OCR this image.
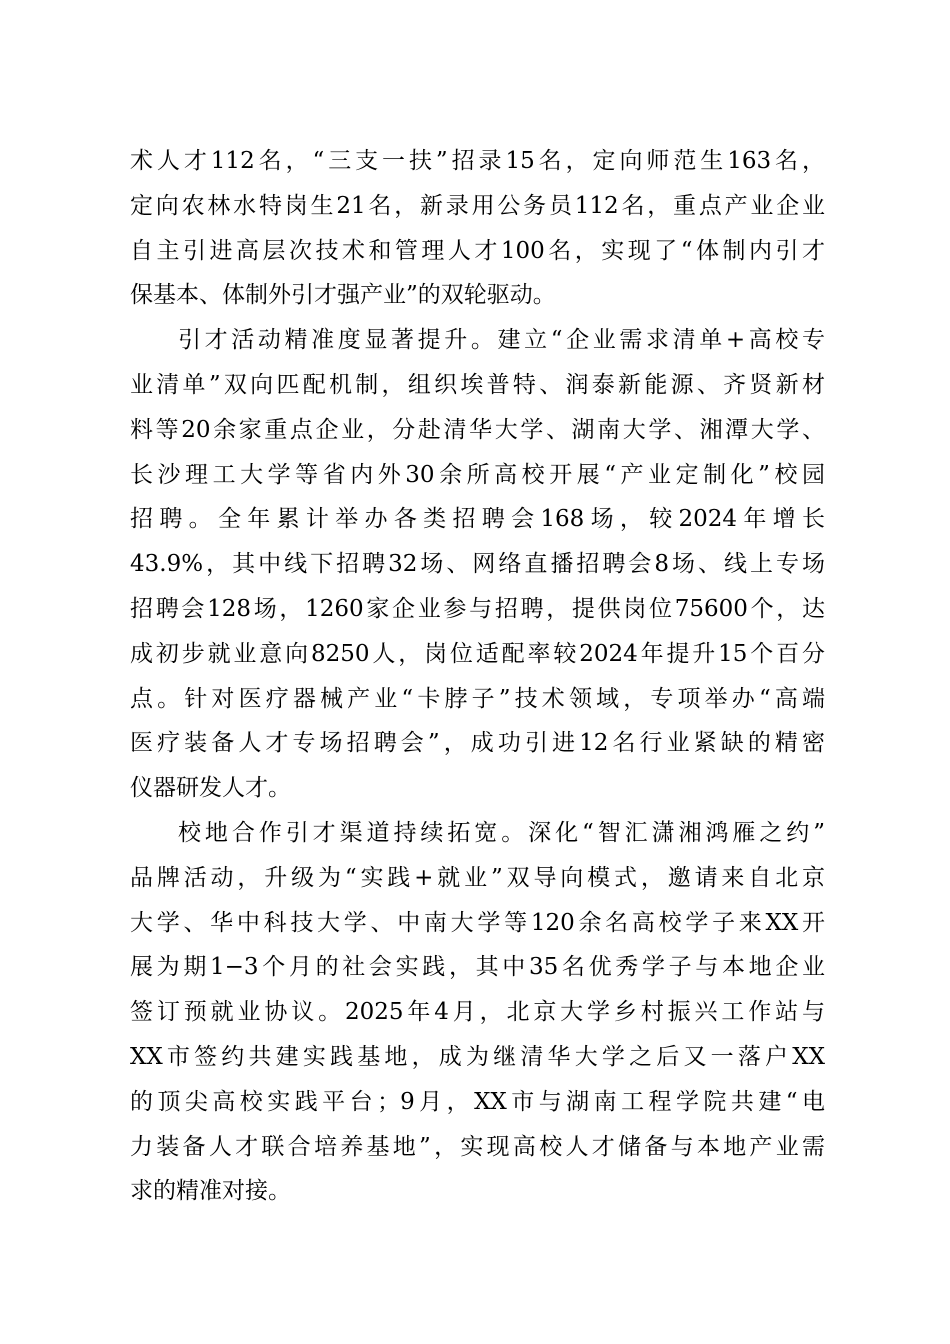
术人才112名，“三支一扶”招录15名，定向师范生163名，
定向农林水特岗生21名，新录用公务员112名，重点产业企业
自主引进高层次技术和管理人才100名，实现了“体制内引才
保基本、体制外引才强产业”的双轮驱动。
引才活动精准度显著提升。建立“企业需求清单+高校专
业清单”双向匹配机制，组织埃普特、润泰新能源、齐贤新材
料等20余家重点企业，分赴清华大学、湖南大学、湘潭大学、
长沙理工大学等省内外30余所高校开展“产业定制化”校园
招聘。全年累计举办各类招聘会168场，较2024年增长
43.9%，其中线下招聘32场、网络直播招聘会8场、线上专场
招聘会128场，1260家企业参与招聘，提供岗位75600个，达
成初步就业意向8250人，岗位适配率较2024年提升15个百分
点。针对医疗器械产业“卡脖子”技术领域，专项举办“高端
医疗装备人才专场招聘会”，成功引进12名行业紧缺的精密
仪器研发人才。
校地合作引才渠道持续拓宽。深化“智汇潇湘鸿雁之约”
品牌活动，升级为“实践+就业”双导向模式，邀请来自北京
大学、华中科技大学、中南大学等120余名高校学子来XX开
展为期1−3个月的社会实践，其中35名优秀学子与本地企业
签订预就业协议。2025年4月，北京大学乡村振兴工作站与
XX市签约共建实践基地，成为继清华大学之后又一落户XX
的顶尖高校实践平台；9月，XX市与湖南工程学院共建“电
力装备人才联合培养基地”，实现高校人才储备与本地产业需
求的精准对接。
